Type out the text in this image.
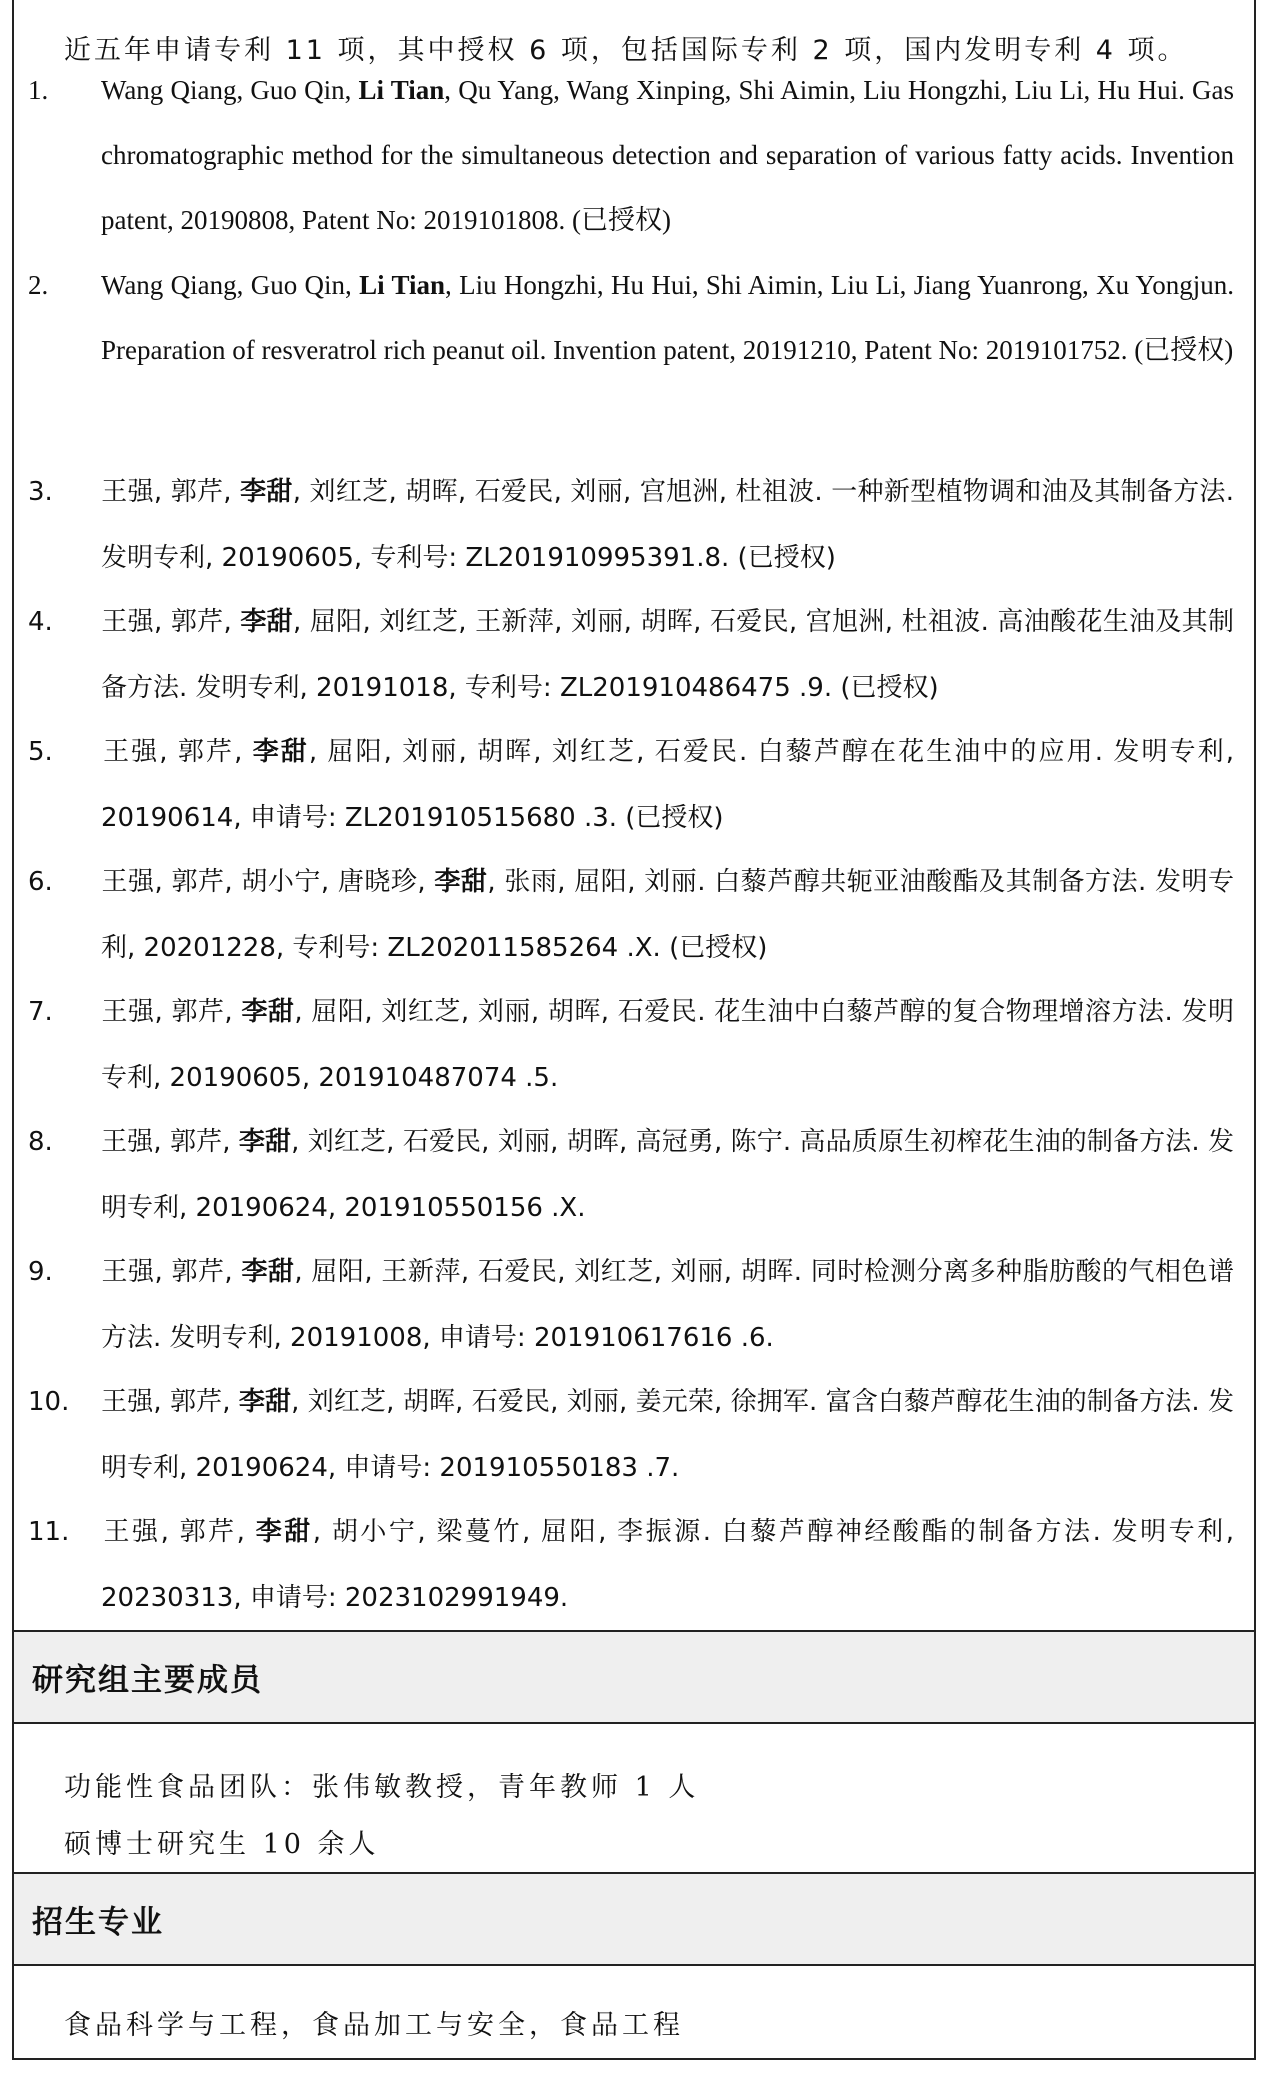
近五年申请专利 11 项，其中授权 6 项，包括国际专利 2 项，国内发明专利 4 项。
1. Wang Qiang, Guo Qin, Li Tian, Qu Yang, Wang Xinping, Shi Aimin, Liu Hongzhi, Liu Li, Hu Hui. Gas chromatographic method for the simultaneous detection and separation of various fatty acids. Invention patent, 20190808, Patent No: 2019101808. (已授权)
2. Wang Qiang, Guo Qin, Li Tian, Liu Hongzhi, Hu Hui, Shi Aimin, Liu Li, Jiang Yuanrong, Xu Yongjun. Preparation of resveratrol rich peanut oil. Invention patent, 20191210, Patent No: 2019101752. (已授权)
3. 王强, 郭芹, 李甜, 刘红芝, 胡晖, 石爱民, 刘丽, 宫旭洲, 杜祖波. 一种新型植物调和油及其制备方法. 发明专利, 20190605, 专利号: ZL201910995391.8. (已授权)
4. 王强, 郭芹, 李甜, 屈阳, 刘红芝, 王新萍, 刘丽, 胡晖, 石爱民, 宫旭洲, 杜祖波. 高油酸花生油及其制备方法. 发明专利, 20191018, 专利号: ZL201910486475 .9. (已授权)
5. 王强, 郭芹, 李甜, 屈阳, 刘丽, 胡晖, 刘红芝, 石爱民. 白藜芦醇在花生油中的应用. 发明专利, 20190614, 申请号: ZL201910515680 .3. (已授权)
6. 王强, 郭芹, 胡小宁, 唐晓珍, 李甜, 张雨, 屈阳, 刘丽. 白藜芦醇共轭亚油酸酯及其制备方法. 发明专利, 20201228, 专利号: ZL202011585264 .X. (已授权)
7. 王强, 郭芹, 李甜, 屈阳, 刘红芝, 刘丽, 胡晖, 石爱民. 花生油中白藜芦醇的复合物理增溶方法. 发明专利, 20190605, 201910487074 .5.
8. 王强, 郭芹, 李甜, 刘红芝, 石爱民, 刘丽, 胡晖, 高冠勇, 陈宁. 高品质原生初榨花生油的制备方法. 发明专利, 20190624, 201910550156 .X.
9. 王强, 郭芹, 李甜, 屈阳, 王新萍, 石爱民, 刘红芝, 刘丽, 胡晖. 同时检测分离多种脂肪酸的气相色谱方法. 发明专利, 20191008, 申请号: 201910617616 .6.
10. 王强, 郭芹, 李甜, 刘红芝, 胡晖, 石爱民, 刘丽, 姜元荣, 徐拥军. 富含白藜芦醇花生油的制备方法. 发明专利, 20190624, 申请号: 201910550183 .7.
11. 王强, 郭芹, 李甜, 胡小宁, 梁蔓竹, 屈阳, 李振源. 白藜芦醇神经酸酯的制备方法. 发明专利, 20230313, 申请号: 2023102991949.
研究组主要成员
功能性食品团队：张伟敏教授，青年教师 1 人
硕博士研究生 10 余人
招生专业
食品科学与工程，食品加工与安全，食品工程
